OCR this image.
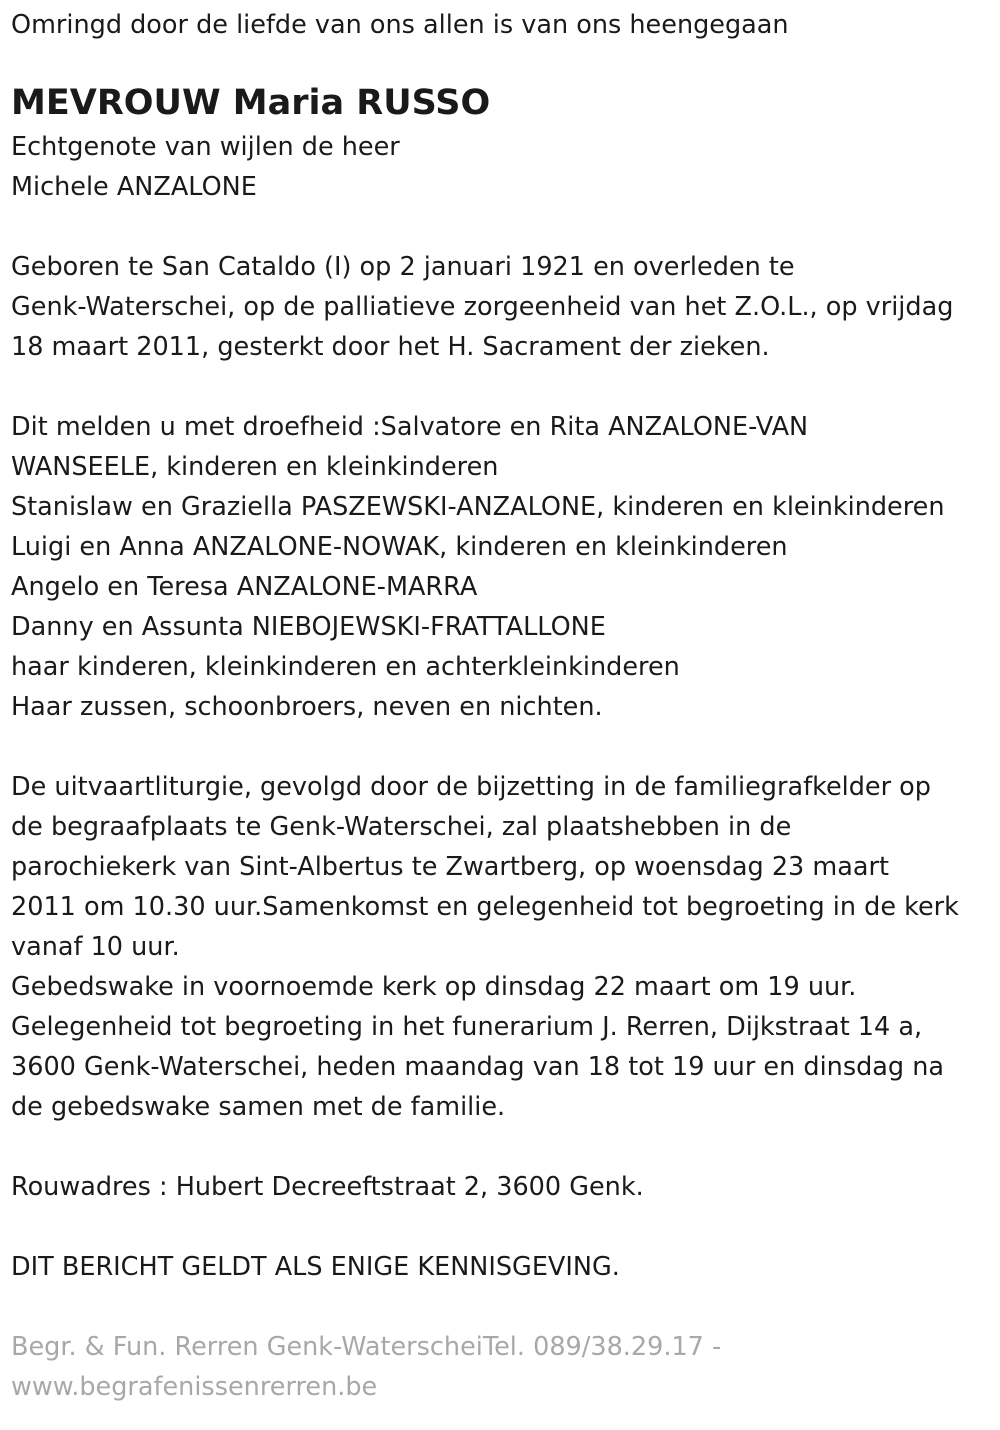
Omringd door de liefde van ons allen is van ons heengegaan
MEVROUW Maria RUSSO
Echtgenote van wijlen de heer
Michele ANZALONE
Geboren te San Cataldo (I) op 2 januari 1921 en overleden te
Genk-Waterschei, op de palliatieve zorgeenheid van het Z.O.L., op vrijdag
18 maart 2011, gesterkt door het H. Sacrament der zieken.
Dit melden u met droefheid :Salvatore en Rita ANZALONE-VAN
WANSEELE, kinderen en kleinkinderen
Stanislaw en Graziella PASZEWSKI-ANZALONE, kinderen en kleinkinderen
Luigi en Anna ANZALONE-NOWAK, kinderen en kleinkinderen
Angelo en Teresa ANZALONE-MARRA
Danny en Assunta NIEBOJEWSKI-FRATTALLONE
haar kinderen, kleinkinderen en achterkleinkinderen
Haar zussen, schoonbroers, neven en nichten.
De uitvaartliturgie, gevolgd door de bijzetting in de familiegrafkelder op
de begraafplaats te Genk-Waterschei, zal plaatshebben in de
parochiekerk van Sint-Albertus te Zwartberg, op woensdag 23 maart
2011 om 10.30 uur.Samenkomst en gelegenheid tot begroeting in de kerk
vanaf 10 uur.
Gebedswake in voornoemde kerk op dinsdag 22 maart om 19 uur.
Gelegenheid tot begroeting in het funerarium J. Rerren, Dijkstraat 14 a,
3600 Genk-Waterschei, heden maandag van 18 tot 19 uur en dinsdag na
de gebedswake samen met de familie.
Rouwadres : Hubert Decreeftstraat 2, 3600 Genk.
DIT BERICHT GELDT ALS ENIGE KENNISGEVING.
Begr. & Fun. Rerren Genk-WaterscheiTel. 089/38.29.17 -
www.begrafenissenrerren.be
